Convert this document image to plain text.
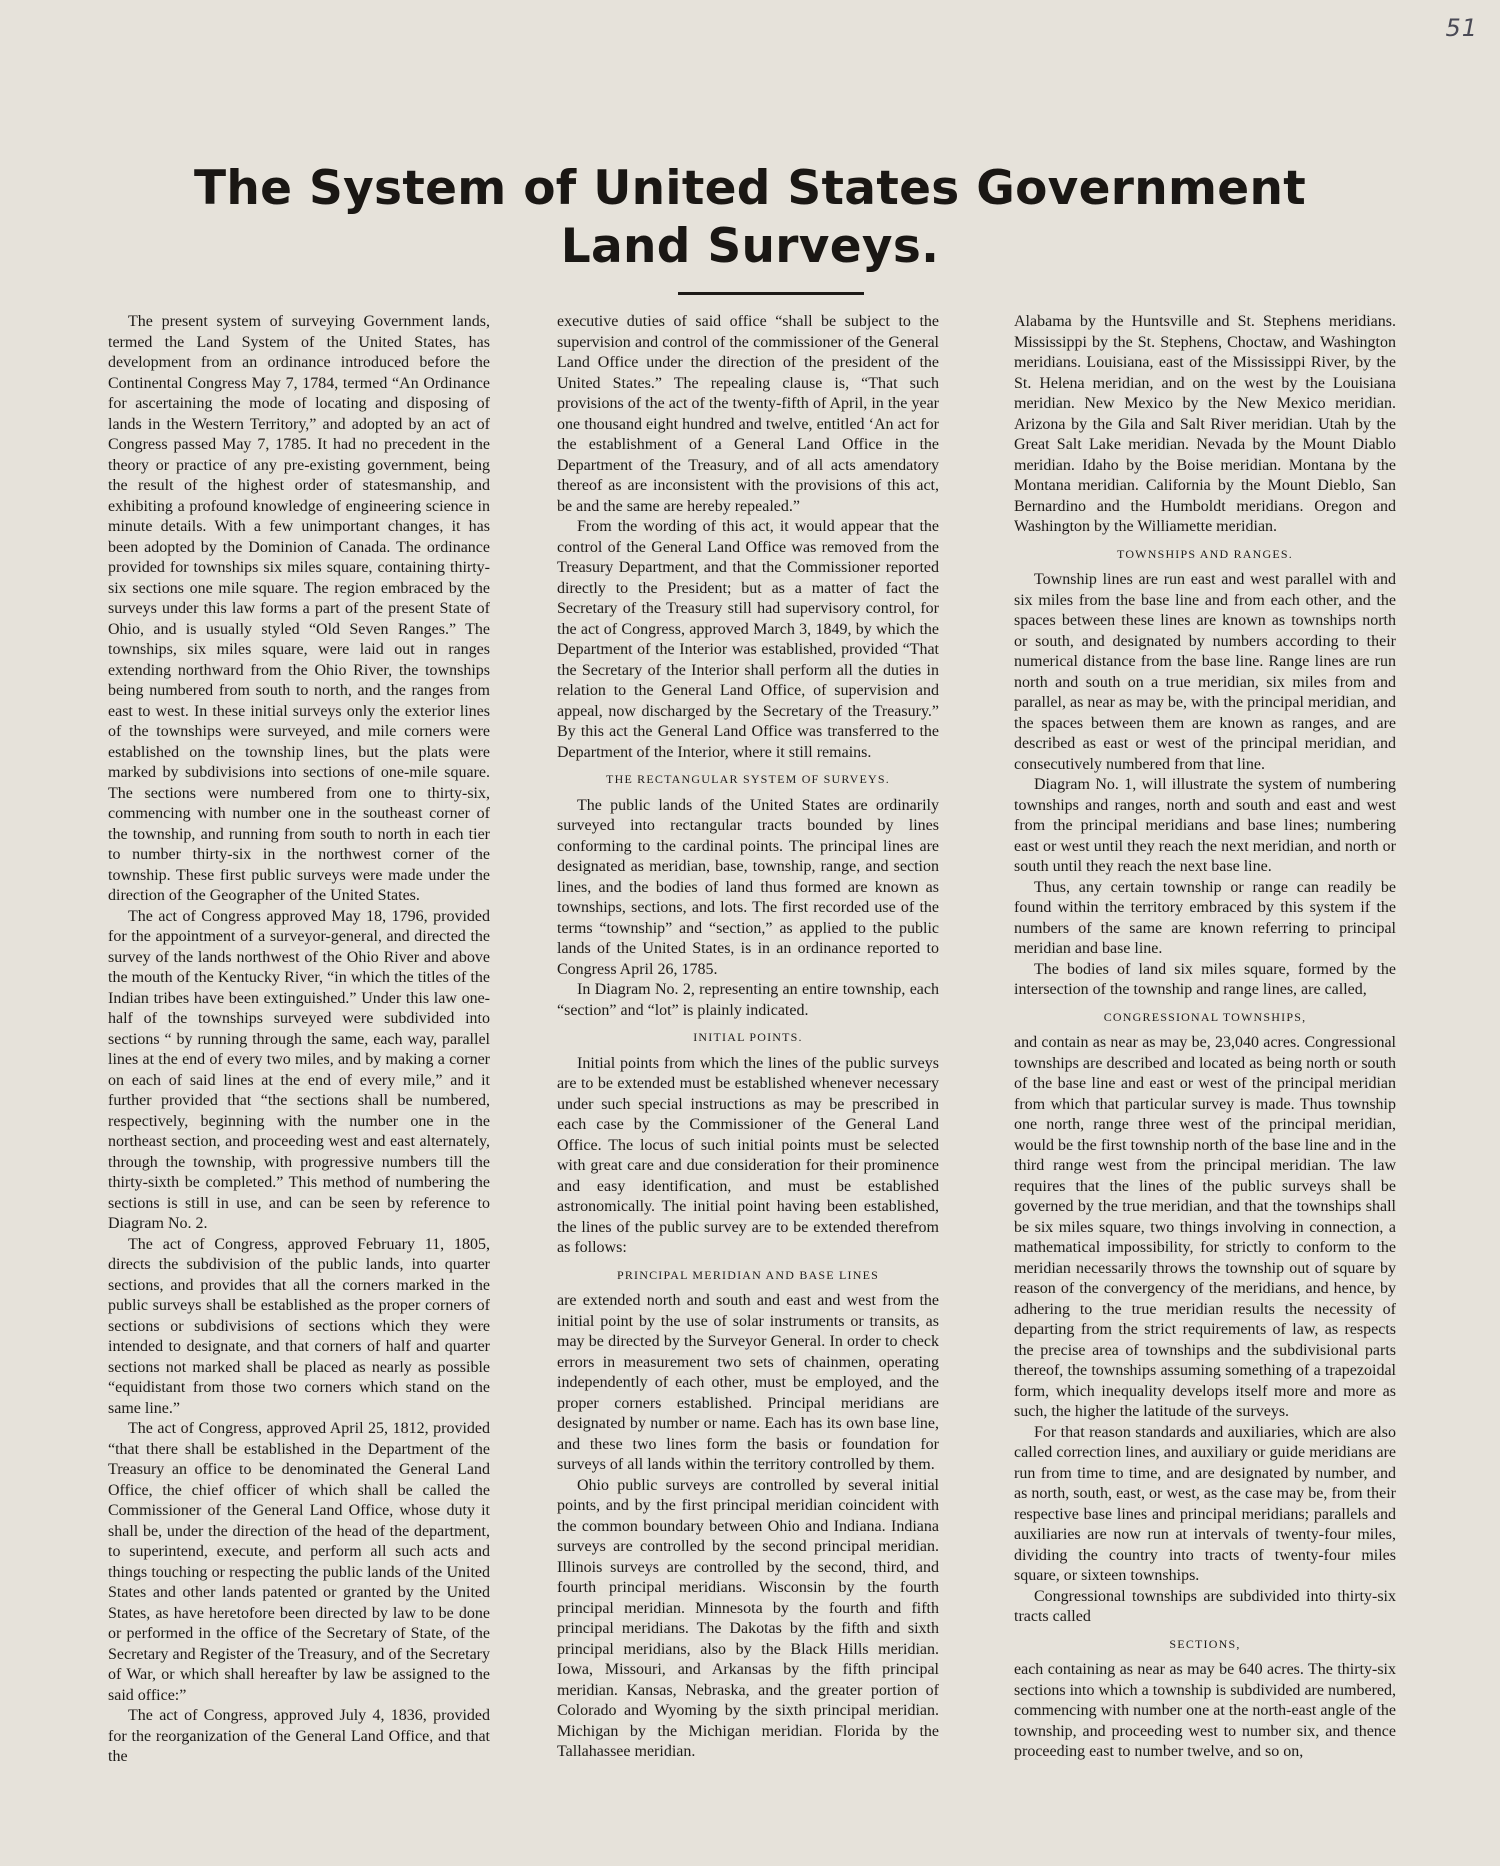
51
The System of United States Government
Land Surveys.

The present system of surveying Government lands, termed the Land System of the United States, has development from an ordinance introduced before the Continental Congress May 7, 1784, termed “An Ordinance for ascertaining the mode of locating and disposing of lands in the Western Territory,” and adopted by an act of Congress passed May 7, 1785. It had no precedent in the theory or practice of any pre-existing government, being the result of the highest order of statesmanship, and exhibiting a profound knowledge of engineering science in minute details. With a few unimportant changes, it has been adopted by the Dominion of Canada. The ordinance provided for townships six miles square, containing thirty-six sections one mile square. The region embraced by the surveys under this law forms a part of the present State of Ohio, and is usually styled “Old Seven Ranges.” The townships, six miles square, were laid out in ranges extending northward from the Ohio River, the townships being numbered from south to north, and the ranges from east to west. In these initial surveys only the exterior lines of the townships were surveyed, and mile corners were established on the township lines, but the plats were marked by subdivisions into sections of one-mile square. The sections were numbered from one to thirty-six, commencing with number one in the southeast corner of the township, and running from south to north in each tier to number thirty-six in the northwest corner of the township. These first public surveys were made under the direction of the Geographer of the United States.

The act of Congress approved May 18, 1796, provided for the appointment of a surveyor-general, and directed the survey of the lands northwest of the Ohio River and above the mouth of the Kentucky River, “in which the titles of the Indian tribes have been extinguished.” Under this law one-half of the townships surveyed were subdivided into sections “ by running through the same, each way, parallel lines at the end of every two miles, and by making a corner on each of said lines at the end of every mile,” and it further provided that “the sections shall be numbered, respectively, beginning with the number one in the northeast section, and proceeding west and east alternately, through the township, with progressive numbers till the thirty-sixth be completed.” This method of numbering the sections is still in use, and can be seen by reference to Diagram No. 2.

The act of Congress, approved February 11, 1805, directs the subdivision of the public lands, into quarter sections, and provides that all the corners marked in the public surveys shall be established as the proper corners of sections or subdivisions of sections which they were intended to designate, and that corners of half and quarter sections not marked shall be placed as nearly as possible “equidistant from those two corners which stand on the same line.”

The act of Congress, approved April 25, 1812, provided “that there shall be established in the Department of the Treasury an office to be denominated the General Land Office, the chief officer of which shall be called the Commissioner of the General Land Office, whose duty it shall be, under the direction of the head of the department, to superintend, execute, and perform all such acts and things touching or respecting the public lands of the United States and other lands patented or granted by the United States, as have heretofore been directed by law to be done or performed in the office of the Secretary of State, of the Secretary and Register of the Treasury, and of the Secretary of War, or which shall hereafter by law be assigned to the said office:”

The act of Congress, approved July 4, 1836, provided for the reorganization of the General Land Office, and that the

executive duties of said office “shall be subject to the supervision and control of the commissioner of the General Land Office under the direction of the president of the United States.” The repealing clause is, “That such provisions of the act of the twenty-fifth of April, in the year one thousand eight hundred and twelve, entitled ‘An act for the establishment of a General Land Office in the Department of the Treasury, and of all acts amendatory thereof as are inconsistent with the provisions of this act, be and the same are hereby repealed.”

From the wording of this act, it would appear that the control of the General Land Office was removed from the Treasury Department, and that the Commissioner reported directly to the President; but as a matter of fact the Secretary of the Treasury still had supervisory control, for the act of Congress, approved March 3, 1849, by which the Department of the Interior was established, provided “That the Secretary of the Interior shall perform all the duties in relation to the General Land Office, of supervision and appeal, now discharged by the Secretary of the Treasury.” By this act the General Land Office was transferred to the Department of the Interior, where it still remains.

THE RECTANGULAR SYSTEM OF SURVEYS.

The public lands of the United States are ordinarily surveyed into rectangular tracts bounded by lines conforming to the cardinal points. The principal lines are designated as meridian, base, township, range, and section lines, and the bodies of land thus formed are known as townships, sections, and lots. The first recorded use of the terms “township” and “section,” as applied to the public lands of the United States, is in an ordinance reported to Congress April 26, 1785.

In Diagram No. 2, representing an entire township, each “section” and “lot” is plainly indicated.

INITIAL POINTS.

Initial points from which the lines of the public surveys are to be extended must be established whenever necessary under such special instructions as may be prescribed in each case by the Commissioner of the General Land Office. The locus of such initial points must be selected with great care and due consideration for their prominence and easy identification, and must be established astronomically. The initial point having been established, the lines of the public survey are to be extended therefrom as follows:

PRINCIPAL MERIDIAN AND BASE LINES

are extended north and south and east and west from the initial point by the use of solar instruments or transits, as may be directed by the Surveyor General. In order to check errors in measurement two sets of chainmen, operating independently of each other, must be employed, and the proper corners established. Principal meridians are designated by number or name. Each has its own base line, and these two lines form the basis or foundation for surveys of all lands within the territory controlled by them.

Ohio public surveys are controlled by several initial points, and by the first principal meridian coincident with the common boundary between Ohio and Indiana. Indiana surveys are controlled by the second principal meridian. Illinois surveys are controlled by the second, third, and fourth principal meridians. Wisconsin by the fourth principal meridian. Minnesota by the fourth and fifth principal meridians. The Dakotas by the fifth and sixth principal meridians, also by the Black Hills meridian. Iowa, Missouri, and Arkansas by the fifth principal meridian. Kansas, Nebraska, and the greater portion of Colorado and Wyoming by the sixth principal meridian. Michigan by the Michigan meridian. Florida by the Tallahassee meridian.

Alabama by the Huntsville and St. Stephens meridians. Mississippi by the St. Stephens, Choctaw, and Washington meridians. Louisiana, east of the Mississippi River, by the St. Helena meridian, and on the west by the Louisiana meridian. New Mexico by the New Mexico meridian. Arizona by the Gila and Salt River meridian. Utah by the Great Salt Lake meridian. Nevada by the Mount Diablo meridian. Idaho by the Boise meridian. Montana by the Montana meridian. California by the Mount Dieblo, San Bernardino and the Humboldt meridians. Oregon and Washington by the Williamette meridian.

TOWNSHIPS AND RANGES.

Township lines are run east and west parallel with and six miles from the base line and from each other, and the spaces between these lines are known as townships north or south, and designated by numbers according to their numerical distance from the base line. Range lines are run north and south on a true meridian, six miles from and parallel, as near as may be, with the principal meridian, and the spaces between them are known as ranges, and are described as east or west of the principal meridian, and consecutively numbered from that line.

Diagram No. 1, will illustrate the system of numbering townships and ranges, north and south and east and west from the principal meridians and base lines; numbering east or west until they reach the next meridian, and north or south until they reach the next base line.

Thus, any certain township or range can readily be found within the territory embraced by this system if the numbers of the same are known referring to principal meridian and base line.

The bodies of land six miles square, formed by the intersection of the township and range lines, are called,

CONGRESSIONAL TOWNSHIPS,

and contain as near as may be, 23,040 acres. Congressional townships are described and located as being north or south of the base line and east or west of the principal meridian from which that particular survey is made. Thus township one north, range three west of the principal meridian, would be the first township north of the base line and in the third range west from the principal meridian. The law requires that the lines of the public surveys shall be governed by the true meridian, and that the townships shall be six miles square, two things involving in connection, a mathematical impossibility, for strictly to conform to the meridian necessarily throws the township out of square by reason of the convergency of the meridians, and hence, by adhering to the true meridian results the necessity of departing from the strict requirements of law, as respects the precise area of townships and the subdivisional parts thereof, the townships assuming something of a trapezoidal form, which inequality develops itself more and more as such, the higher the latitude of the surveys.

For that reason standards and auxiliaries, which are also called correction lines, and auxiliary or guide meridians are run from time to time, and are designated by number, and as north, south, east, or west, as the case may be, from their respective base lines and principal meridians; parallels and auxiliaries are now run at intervals of twenty-four miles, dividing the country into tracts of twenty-four miles square, or sixteen townships.

Congressional townships are subdivided into thirty-six tracts called

SECTIONS,

each containing as near as may be 640 acres. The thirty-six sections into which a township is subdivided are numbered, commencing with number one at the north-east angle of the township, and proceeding west to number six, and thence proceeding east to number twelve, and so on,
